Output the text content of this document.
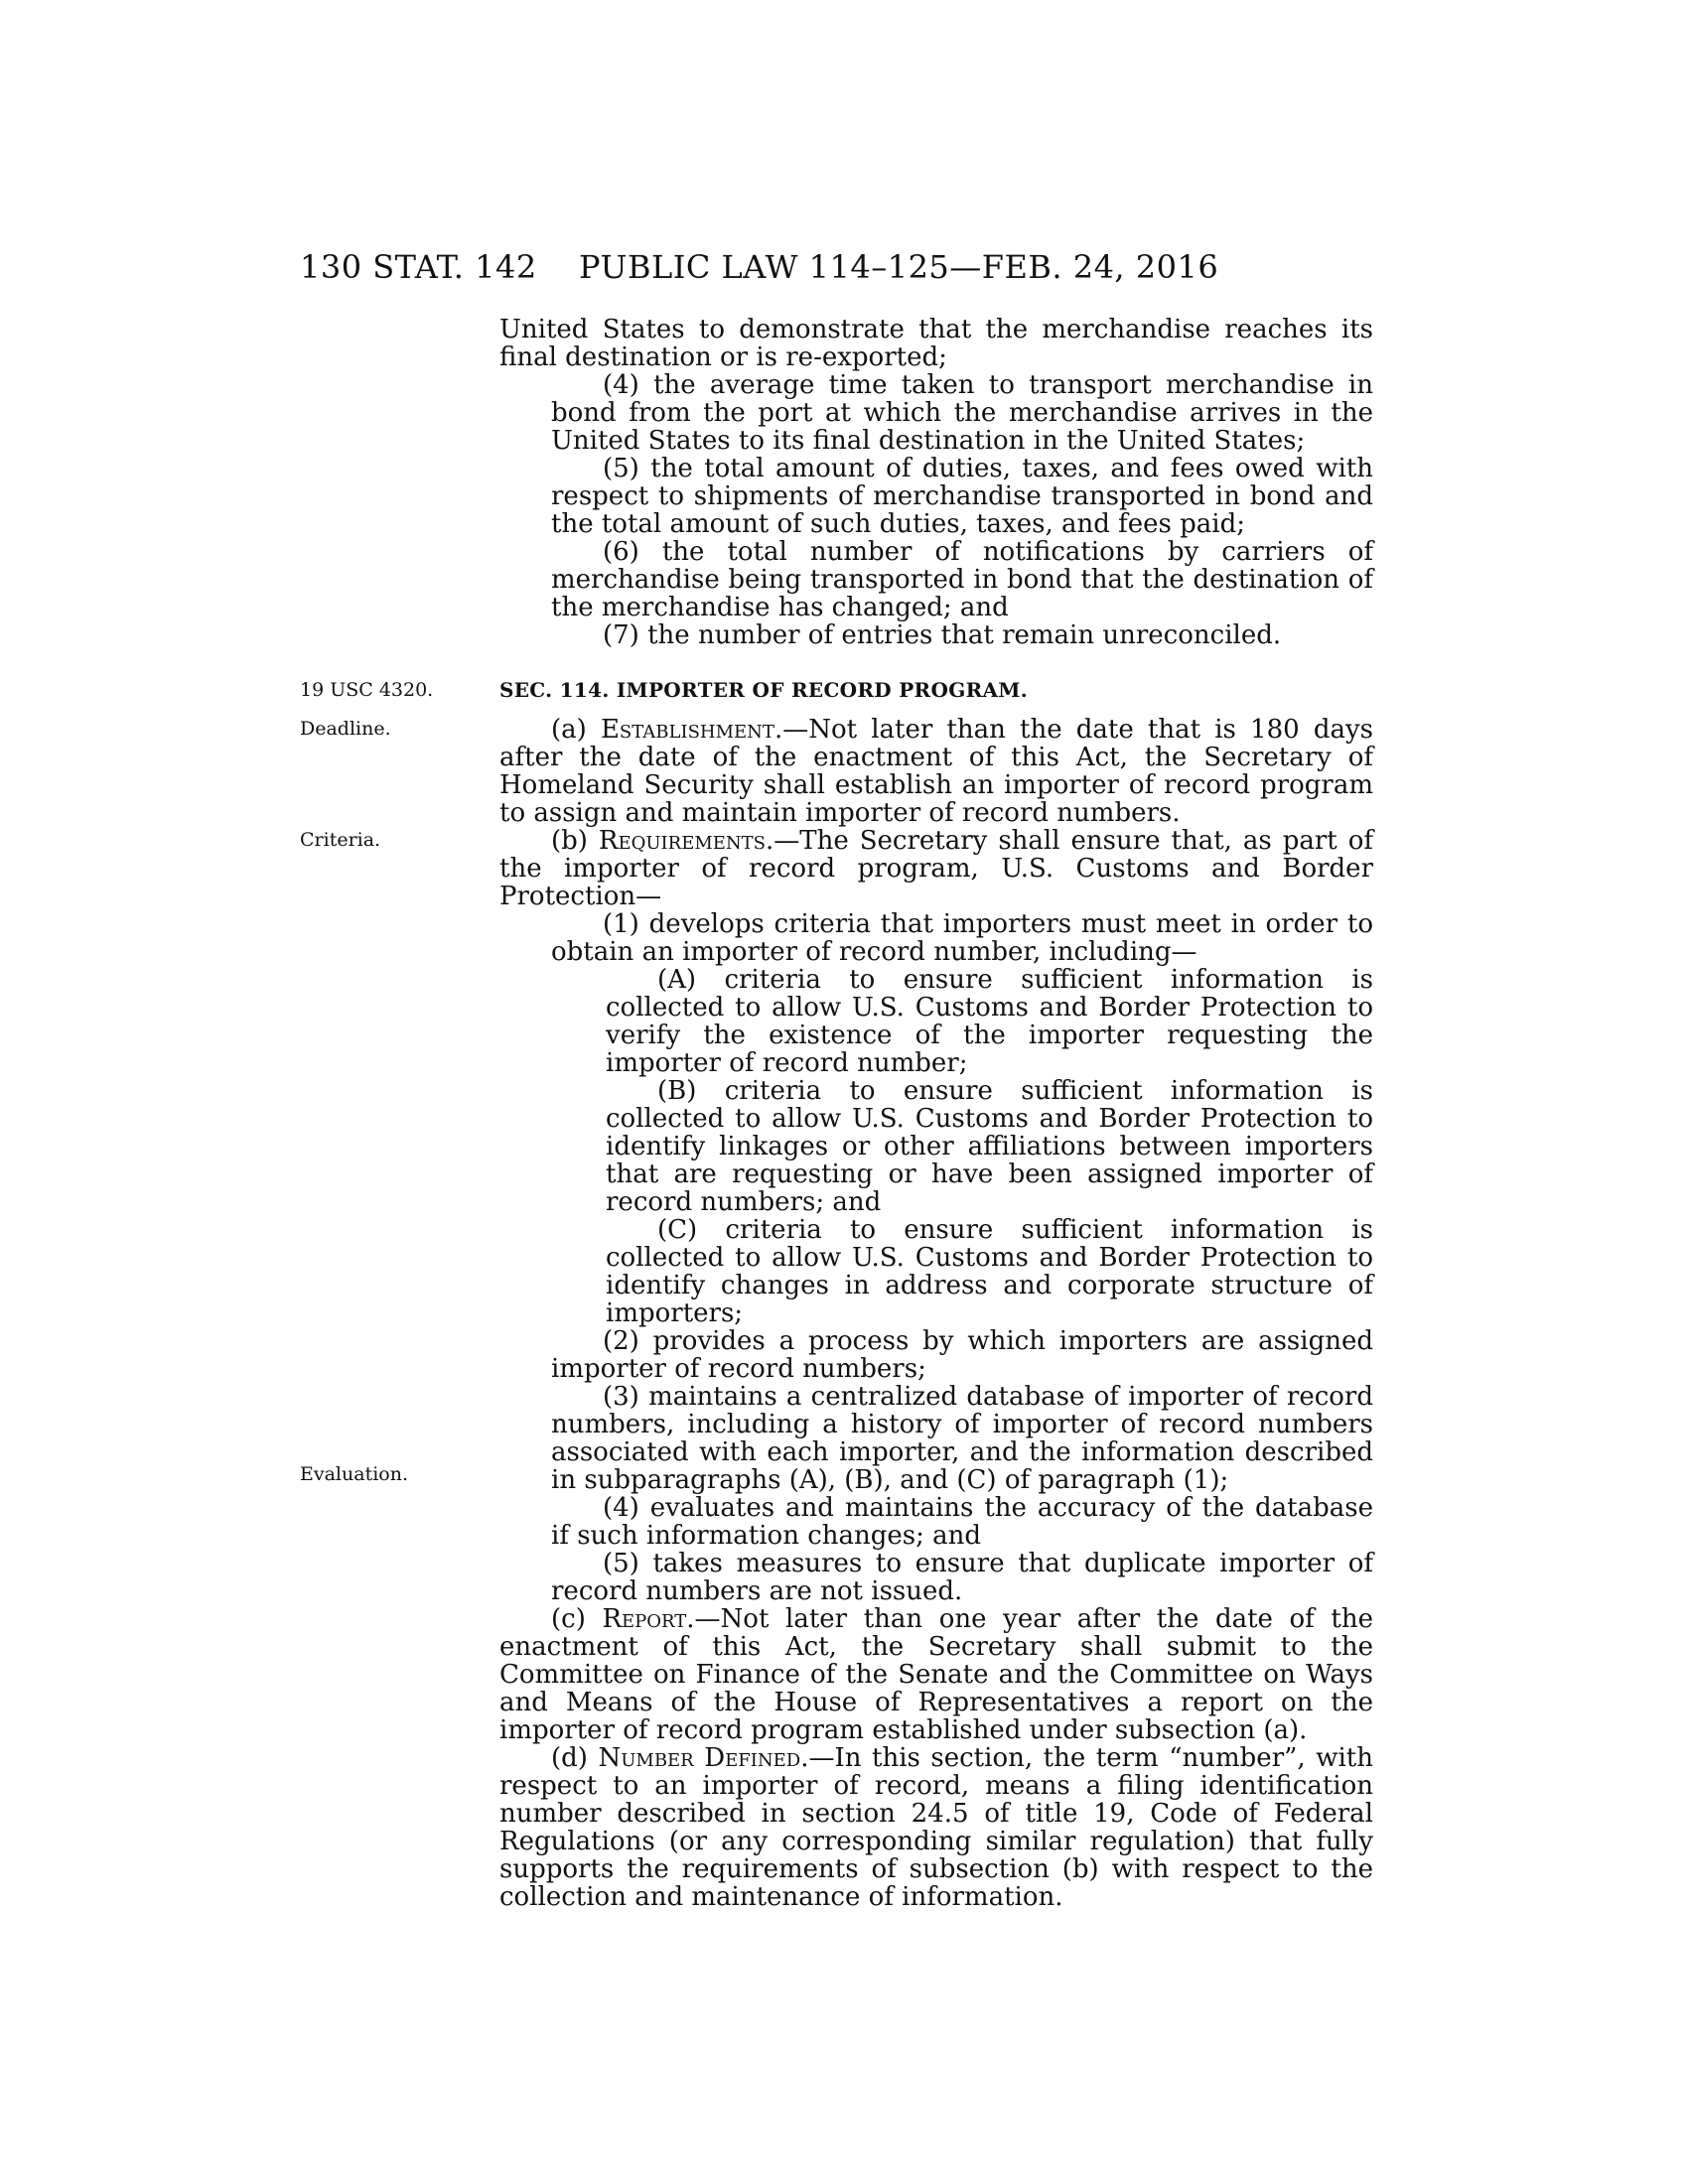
130 STAT. 142 PUBLIC LAW 114–125—FEB. 24, 2016

United States to demonstrate that the merchandise reaches its final destination or is re-exported;

(4) the average time taken to transport merchandise in bond from the port at which the merchandise arrives in the United States to its final destination in the United States;

(5) the total amount of duties, taxes, and fees owed with respect to shipments of merchandise transported in bond and the total amount of such duties, taxes, and fees paid;

(6) the total number of notifications by carriers of merchandise being transported in bond that the destination of the merchandise has changed; and

(7) the number of entries that remain unreconciled.

19 USC 4320.	SEC. 114. IMPORTER OF RECORD PROGRAM.
Deadline.
Criteria.
Evaluation.

(a) Establishment.—Not later than the date that is 180 days after the date of the enactment of this Act, the Secretary of Homeland Security shall establish an importer of record program to assign and maintain importer of record numbers.

(b) Requirements.—The Secretary shall ensure that, as part of the importer of record program, U.S. Customs and Border Protection—

(1) develops criteria that importers must meet in order to obtain an importer of record number, including—

(A) criteria to ensure sufficient information is collected to allow U.S. Customs and Border Protection to verify the existence of the importer requesting the importer of record number;

(B) criteria to ensure sufficient information is collected to allow U.S. Customs and Border Protection to identify linkages or other affiliations between importers that are requesting or have been assigned importer of record numbers; and

(C) criteria to ensure sufficient information is collected to allow U.S. Customs and Border Protection to identify changes in address and corporate structure of importers;

(2) provides a process by which importers are assigned importer of record numbers;

(3) maintains a centralized database of importer of record numbers, including a history of importer of record numbers associated with each importer, and the information described in subparagraphs (A), (B), and (C) of paragraph (1);

(4) evaluates and maintains the accuracy of the database if such information changes; and

(5) takes measures to ensure that duplicate importer of record numbers are not issued.

(c) Report.—Not later than one year after the date of the enactment of this Act, the Secretary shall submit to the Committee on Finance of the Senate and the Committee on Ways and Means of the House of Representatives a report on the importer of record program established under subsection (a).

(d) Number Defined.—In this section, the term “number”, with respect to an importer of record, means a filing identification number described in section 24.5 of title 19, Code of Federal Regulations (or any corresponding similar regulation) that fully supports the requirements of subsection (b) with respect to the collection and maintenance of information.
